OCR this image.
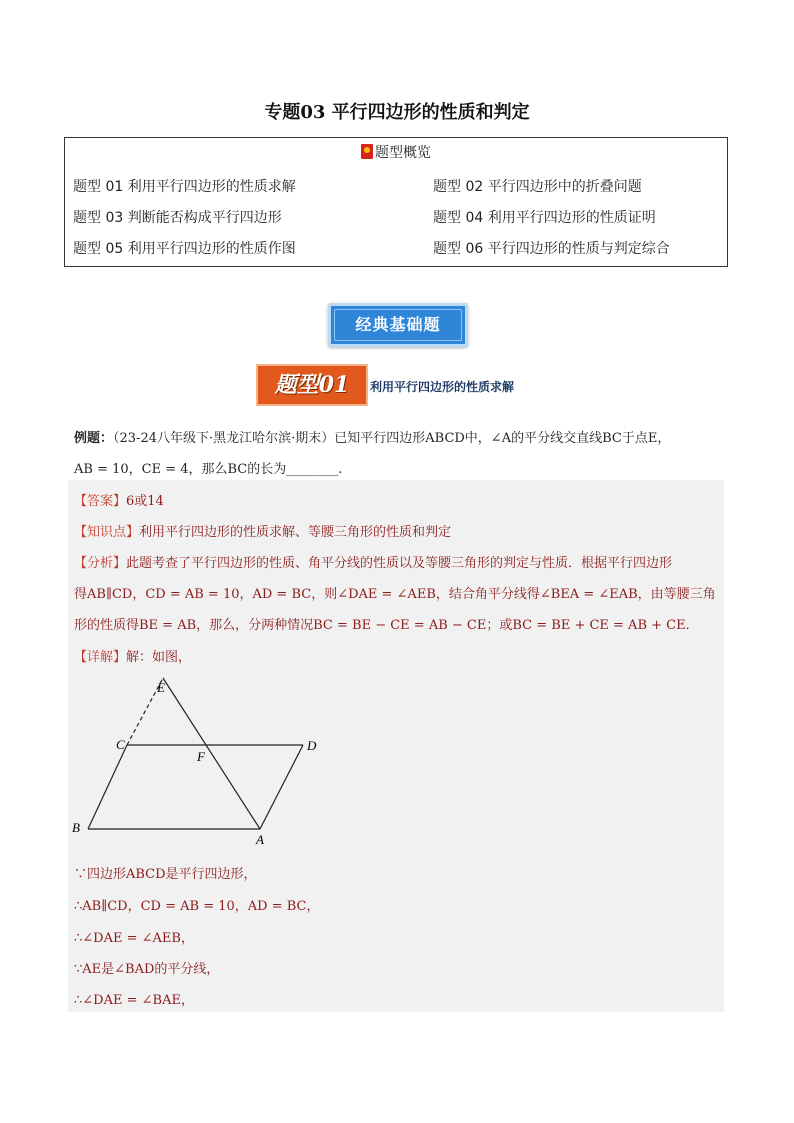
专题03 平行四边形的性质和判定
题型概览
题型 01 利用平行四边形的性质求解	题型 02 平行四边形中的折叠问题
题型 03 判断能否构成平行四边形	题型 04 利用平行四边形的性质证明
题型 05 利用平行四边形的性质作图	题型 06 平行四边形的性质与判定综合
经典基础题
题型01	利用平行四边形的性质求解
例题：（23-24八年级下·黑龙江哈尔滨·期末）已知平行四边形ABCD中，∠A的平分线交直线BC于点E，
AB = 10，CE = 4，那么BC的长为________.
【答案】6或14
【知识点】利用平行四边形的性质求解、等腰三角形的性质和判定
【分析】此题考查了平行四边形的性质、角平分线的性质以及等腰三角形的判定与性质．根据平行四边形
得AB∥CD，CD = AB = 10，AD = BC，则∠DAE = ∠AEB，结合角平分线得∠BEA = ∠EAB，由等腰三角
形的性质得BE = AB，那么，分两种情况BC = BE − CE = AB − CE；或BC = BE + CE = AB + CE．
【详解】解：如图，
E
C
F
D
B
A
∵四边形ABCD是平行四边形，
∴AB∥CD，CD = AB = 10，AD = BC，
∴∠DAE = ∠AEB，
∵AE是∠BAD的平分线，
∴∠DAE = ∠BAE，
